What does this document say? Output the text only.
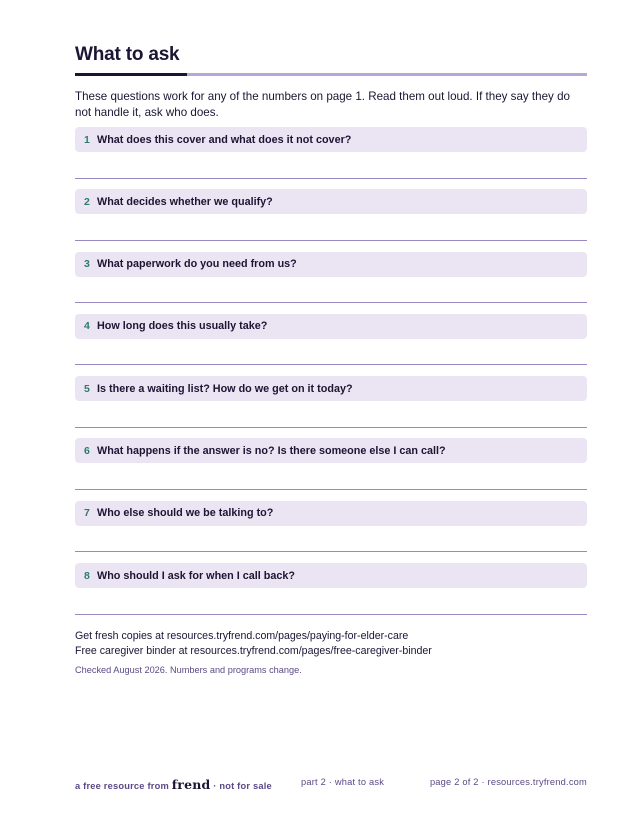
What to ask

These questions work for any of the numbers on page 1. Read them out loud. If they say they do not handle it, ask who does.

1 What does this cover and what does it not cover?
2 What decides whether we qualify?
3 What paperwork do you need from us?
4 How long does this usually take?
5 Is there a waiting list? How do we get on it today?
6 What happens if the answer is no? Is there someone else I can call?
7 Who else should we be talking to?
8 Who should I ask for when I call back?
Get fresh copies at resources.tryfrend.com/pages/paying-for-elder-care
Free caregiver binder at resources.tryfrend.com/pages/free-caregiver-binder
Checked August 2026. Numbers and programs change.
a free resource from frend · not for sale	part 2 · what to ask	page 2 of 2 · resources.tryfrend.com
